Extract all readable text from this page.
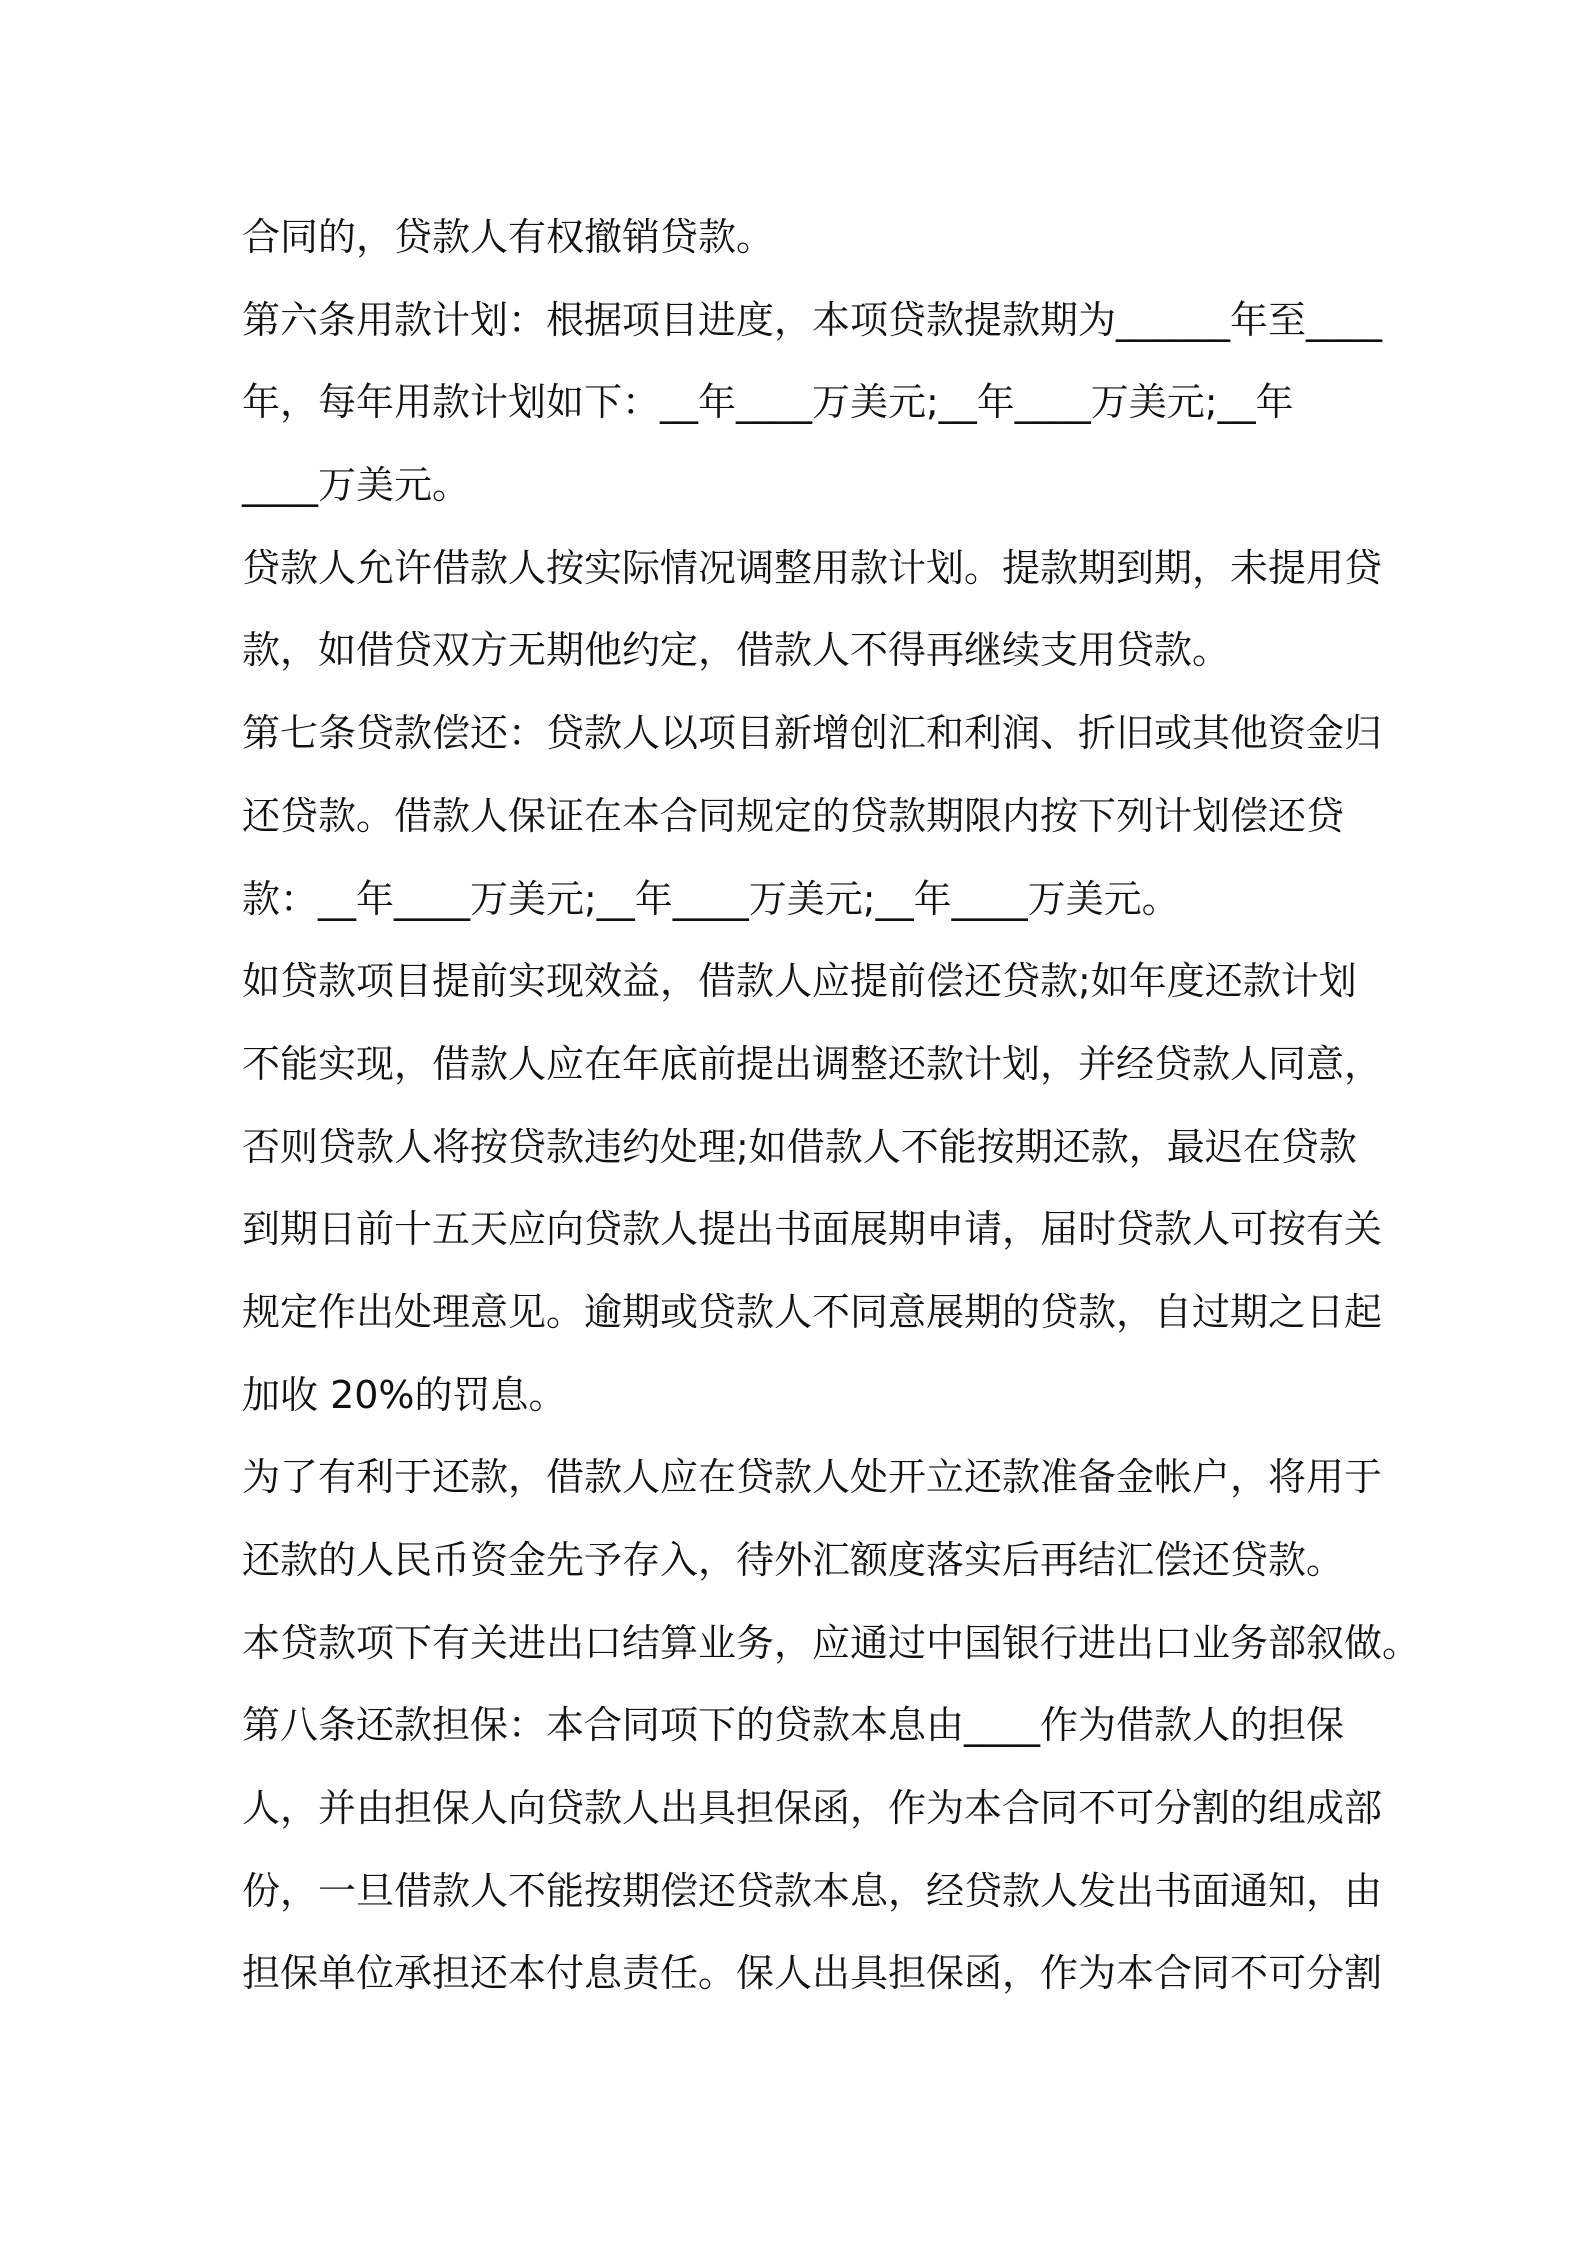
合同的，贷款人有权撤销贷款。
第六条用款计划：根据项目进度，本项贷款提款期为______年至____
年，每年用款计划如下：__年____万美元;__年____万美元;__年
____万美元。
贷款人允许借款人按实际情况调整用款计划。提款期到期，未提用贷
款，如借贷双方无期他约定，借款人不得再继续支用贷款。
第七条贷款偿还：贷款人以项目新增创汇和利润、折旧或其他资金归
还贷款。借款人保证在本合同规定的贷款期限内按下列计划偿还贷
款：__年____万美元;__年____万美元;__年____万美元。
如贷款项目提前实现效益，借款人应提前偿还贷款;如年度还款计划
不能实现，借款人应在年底前提出调整还款计划，并经贷款人同意，
否则贷款人将按贷款违约处理;如借款人不能按期还款，最迟在贷款
到期日前十五天应向贷款人提出书面展期申请，届时贷款人可按有关
规定作出处理意见。逾期或贷款人不同意展期的贷款，自过期之日起
加收 20%的罚息。
为了有利于还款，借款人应在贷款人处开立还款准备金帐户，将用于
还款的人民币资金先予存入，待外汇额度落实后再结汇偿还贷款。
本贷款项下有关进出口结算业务，应通过中国银行进出口业务部叙做。
第八条还款担保：本合同项下的贷款本息由____作为借款人的担保
人，并由担保人向贷款人出具担保函，作为本合同不可分割的组成部
份，一旦借款人不能按期偿还贷款本息，经贷款人发出书面通知，由
担保单位承担还本付息责任。保人出具担保函，作为本合同不可分割
